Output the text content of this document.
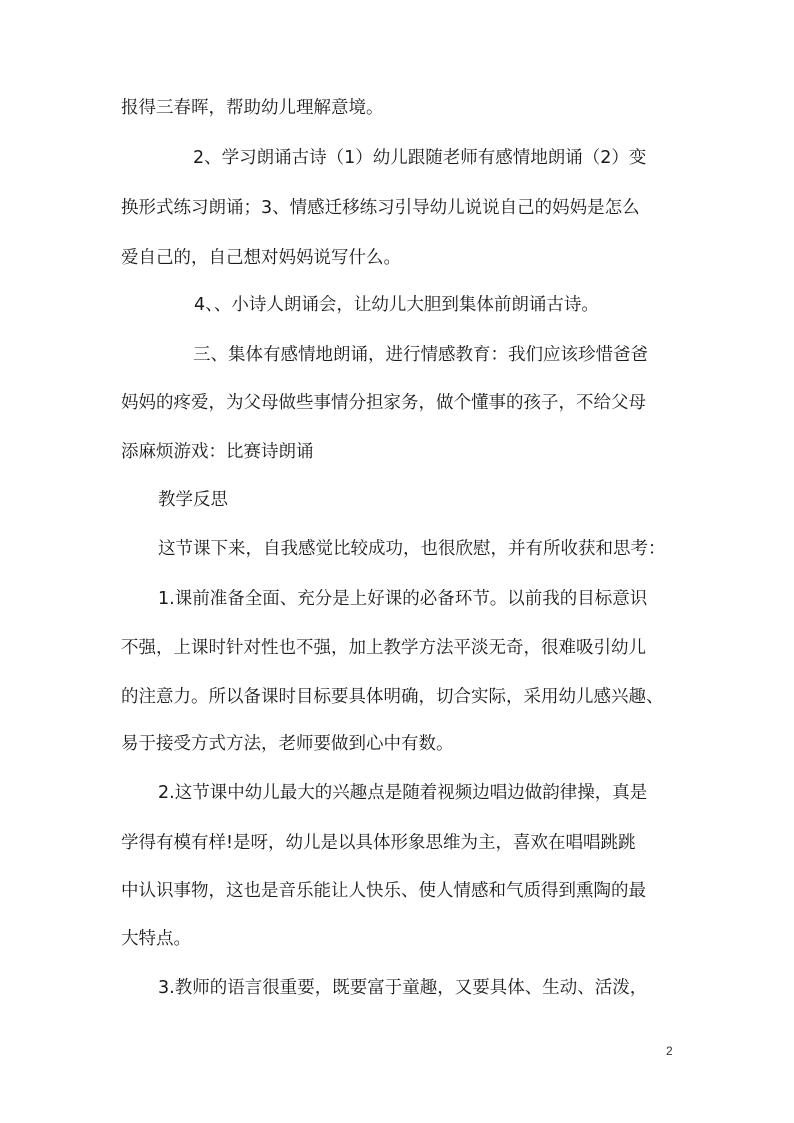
报得三春晖，帮助幼儿理解意境。
2、学习朗诵古诗（1）幼儿跟随老师有感情地朗诵（2）变
换形式练习朗诵；3、情感迁移练习引导幼儿说说自己的妈妈是怎么
爱自己的，自己想对妈妈说写什么。
4、、小诗人朗诵会，让幼儿大胆到集体前朗诵古诗。
三、集体有感情地朗诵，进行情感教育：我们应该珍惜爸爸
妈妈的疼爱，为父母做些事情分担家务，做个懂事的孩子，不给父母
添麻烦游戏：比赛诗朗诵
教学反思
这节课下来，自我感觉比较成功，也很欣慰，并有所收获和思考：
1.课前准备全面、充分是上好课的必备环节。以前我的目标意识
不强，上课时针对性也不强，加上教学方法平淡无奇，很难吸引幼儿
的注意力。所以备课时目标要具体明确，切合实际，采用幼儿感兴趣、
易于接受方式方法，老师要做到心中有数。
2.这节课中幼儿最大的兴趣点是随着视频边唱边做韵律操，真是
学得有模有样!是呀，幼儿是以具体形象思维为主，喜欢在唱唱跳跳
中认识事物，这也是音乐能让人快乐、使人情感和气质得到熏陶的最
大特点。
3.教师的语言很重要，既要富于童趣，又要具体、生动、活泼，
2
